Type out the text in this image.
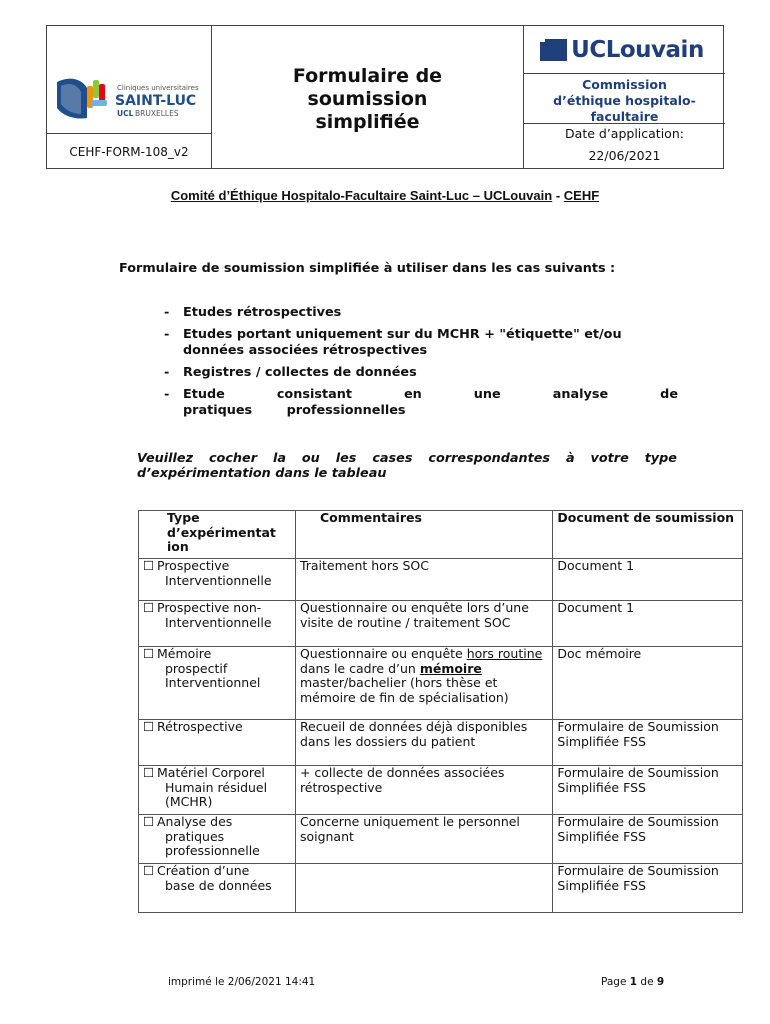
Cliniques universitaires
SAINT-LUC
UCL BRUXELLES
CEHF-FORM-108_v2
Formulaire de
soumission
simplifiée
UCLouvain
Commission
d’éthique hospitalo-
facultaire
Date d’application:
22/06/2021
Comité d’Éthique Hospitalo-Facultaire Saint-Luc – UCLouvain - CEHF
Formulaire de soumission simplifiée à utiliser dans les cas suivants :
- Etudes rétrospectives
- Etudes portant uniquement sur du MCHR + "étiquette" et/ou données associées rétrospectives
- Registres / collectes de données
- Etude consistant en une analyse de pratiques professionnelles
Veuillez cocher la ou les cases correspondantes à votre type d’expérimentation dans le tableau
Type d’expérimentat ion	Commentaires	Document de soumission

☐ Prospective
Interventionnelle	Traitement hors SOC	Document 1

☐ Prospective non-
Interventionnelle	Questionnaire ou enquête lors d’une visite de routine / traitement SOC	Document 1

☐ Mémoire
prospectif Interventionnel	Questionnaire ou enquête hors routine dans le cadre d’un mémoire master/bachelier (hors thèse et mémoire de fin de spécialisation)	Doc mémoire

☐ Rétrospective	Recueil de données déjà disponibles dans les dossiers du patient	Formulaire de Soumission Simplifiée FSS

☐ Matériel Corporel
Humain résiduel (MCHR)	+ collecte de données associées rétrospective	Formulaire de Soumission Simplifiée FSS

☐ Analyse des
pratiques professionnelle	Concerne uniquement le personnel soignant	Formulaire de Soumission Simplifiée FSS

☐ Création d’une
base de données		Formulaire de Soumission Simplifiée FSS
imprimé le 2/06/2021 14:41	Page 1 de 9
